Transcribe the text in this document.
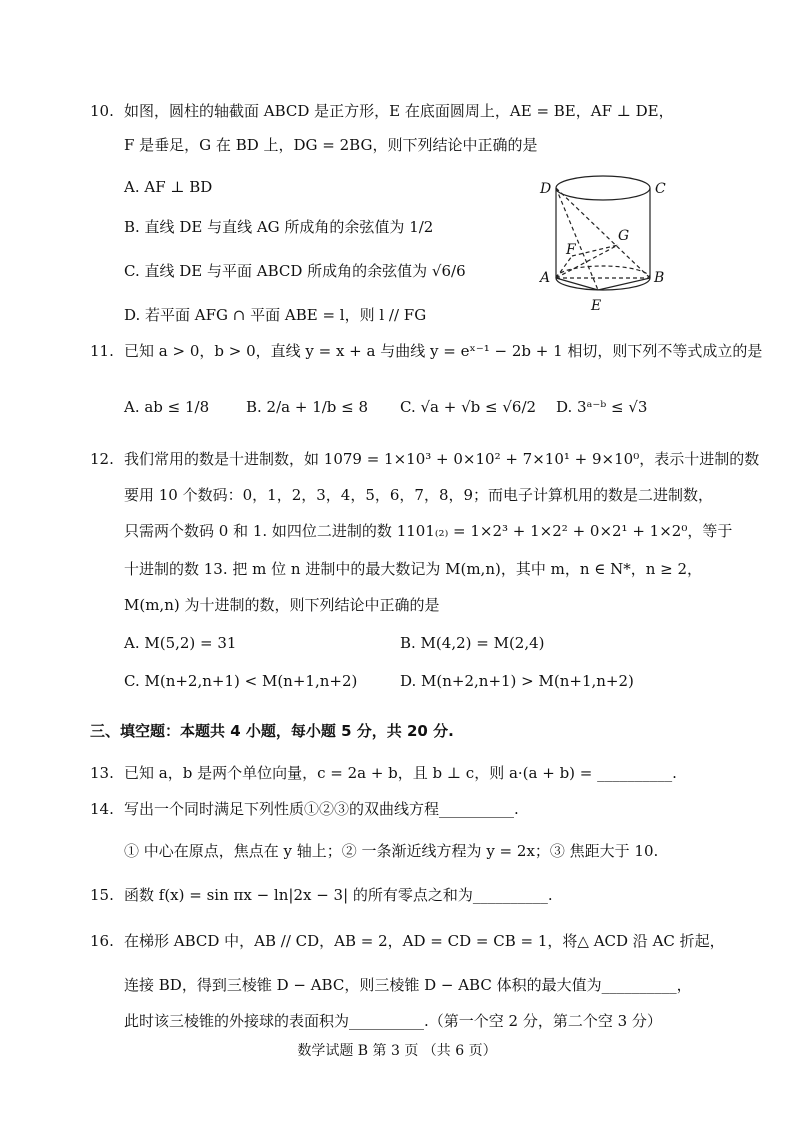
10. 如图，圆柱的轴截面 ABCD 是正方形，E 在底面圆周上，AE = BE，AF ⊥ DE，
F 是垂足，G 在 BD 上，DG = 2BG，则下列结论中正确的是
A. AF ⊥ BD
B. 直线 DE 与直线 AG 所成角的余弦值为 1/2
C. 直线 DE 与平面 ABCD 所成角的余弦值为 √6/6
D. 若平面 AFG ∩ 平面 ABE = l，则 l // FG
D	C
G
F
A	B
E
11. 已知 a > 0，b > 0，直线 y = x + a 与曲线 y = eˣ⁻¹ − 2b + 1 相切，则下列不等式成立的是
A. ab ≤ 1/8 B. 2/a + 1/b ≤ 8 C. √a + √b ≤ √6/2 D. 3ᵃ⁻ᵇ ≤ √3
12. 我们常用的数是十进制数，如 1079 = 1×10³ + 0×10² + 7×10¹ + 9×10⁰，表示十进制的数
要用 10 个数码：0，1，2，3，4，5，6，7，8，9；而电子计算机用的数是二进制数，
只需两个数码 0 和 1. 如四位二进制的数 1101₍₂₎ = 1×2³ + 1×2² + 0×2¹ + 1×2⁰，等于
十进制的数 13. 把 m 位 n 进制中的最大数记为 M(m,n)，其中 m，n ∈ N*，n ≥ 2，
M(m,n) 为十进制的数，则下列结论中正确的是
A. M(5,2) = 31	B. M(4,2) = M(2,4)
C. M(n+2,n+1) < M(n+1,n+2)	D. M(n+2,n+1) > M(n+1,n+2)
三、填空题：本题共 4 小题，每小题 5 分，共 20 分.
13. 已知 a，b 是两个单位向量，c = 2a + b，且 b ⊥ c，则 a·(a + b) = __________.
14. 写出一个同时满足下列性质①②③的双曲线方程__________.
① 中心在原点，焦点在 y 轴上；② 一条渐近线方程为 y = 2x；③ 焦距大于 10.
15. 函数 f(x) = sin πx − ln|2x − 3| 的所有零点之和为__________.
16. 在梯形 ABCD 中，AB // CD，AB = 2，AD = CD = CB = 1，将△ ACD 沿 AC 折起，
连接 BD，得到三棱锥 D − ABC，则三棱锥 D − ABC 体积的最大值为__________，
此时该三棱锥的外接球的表面积为__________.（第一个空 2 分，第二个空 3 分）
数学试题 B 第 3 页 （共 6 页）
